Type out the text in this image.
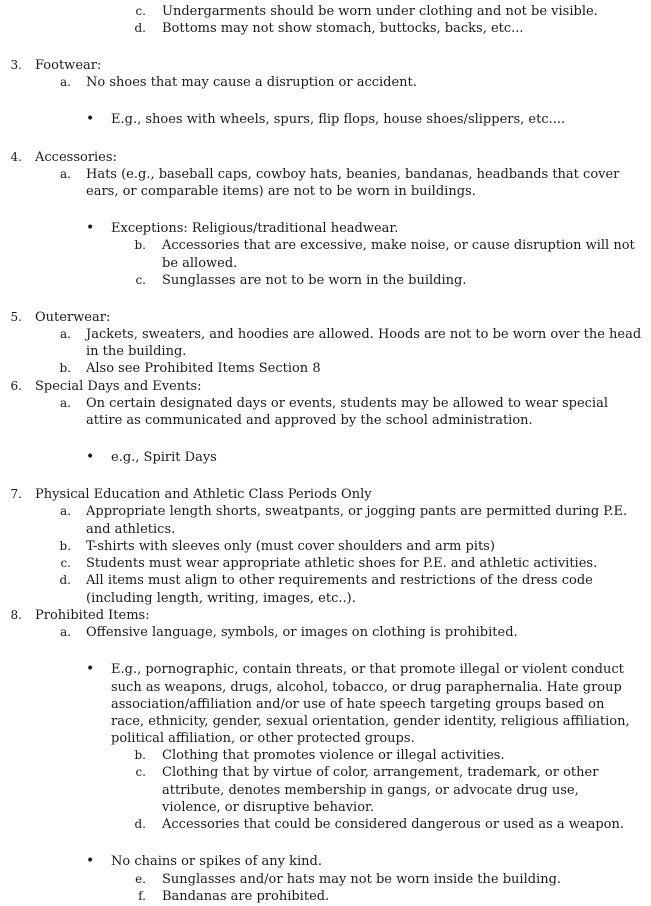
c. Undergarments should be worn under clothing and not be visible.
d. Bottoms may not show stomach, buttocks, backs, etc...
3. Footwear:
a. No shoes that may cause a disruption or accident.
• E.g., shoes with wheels, spurs, flip flops, house shoes/slippers, etc....
4. Accessories:
a. Hats (e.g., baseball caps, cowboy hats, beanies, bandanas, headbands that cover
ears, or comparable items) are not to be worn in buildings.
• Exceptions: Religious/traditional headwear.
b. Accessories that are excessive, make noise, or cause disruption will not
be allowed.
c. Sunglasses are not to be worn in the building.
5. Outerwear:
a. Jackets, sweaters, and hoodies are allowed. Hoods are not to be worn over the head
in the building.
b. Also see Prohibited Items Section 8
6. Special Days and Events:
a. On certain designated days or events, students may be allowed to wear special
attire as communicated and approved by the school administration.
• e.g., Spirit Days
7. Physical Education and Athletic Class Periods Only
a. Appropriate length shorts, sweatpants, or jogging pants are permitted during P.E.
and athletics.
b. T-shirts with sleeves only (must cover shoulders and arm pits)
c. Students must wear appropriate athletic shoes for P.E. and athletic activities.
d. All items must align to other requirements and restrictions of the dress code
(including length, writing, images, etc..).
8. Prohibited Items:
a. Offensive language, symbols, or images on clothing is prohibited.
• E.g., pornographic, contain threats, or that promote illegal or violent conduct
such as weapons, drugs, alcohol, tobacco, or drug paraphernalia. Hate group
association/affiliation and/or use of hate speech targeting groups based on
race, ethnicity, gender, sexual orientation, gender identity, religious affiliation,
political affiliation, or other protected groups.
b. Clothing that promotes violence or illegal activities.
c. Clothing that by virtue of color, arrangement, trademark, or other
attribute, denotes membership in gangs, or advocate drug use,
violence, or disruptive behavior.
d. Accessories that could be considered dangerous or used as a weapon.
• No chains or spikes of any kind.
e. Sunglasses and/or hats may not be worn inside the building.
f. Bandanas are prohibited.
